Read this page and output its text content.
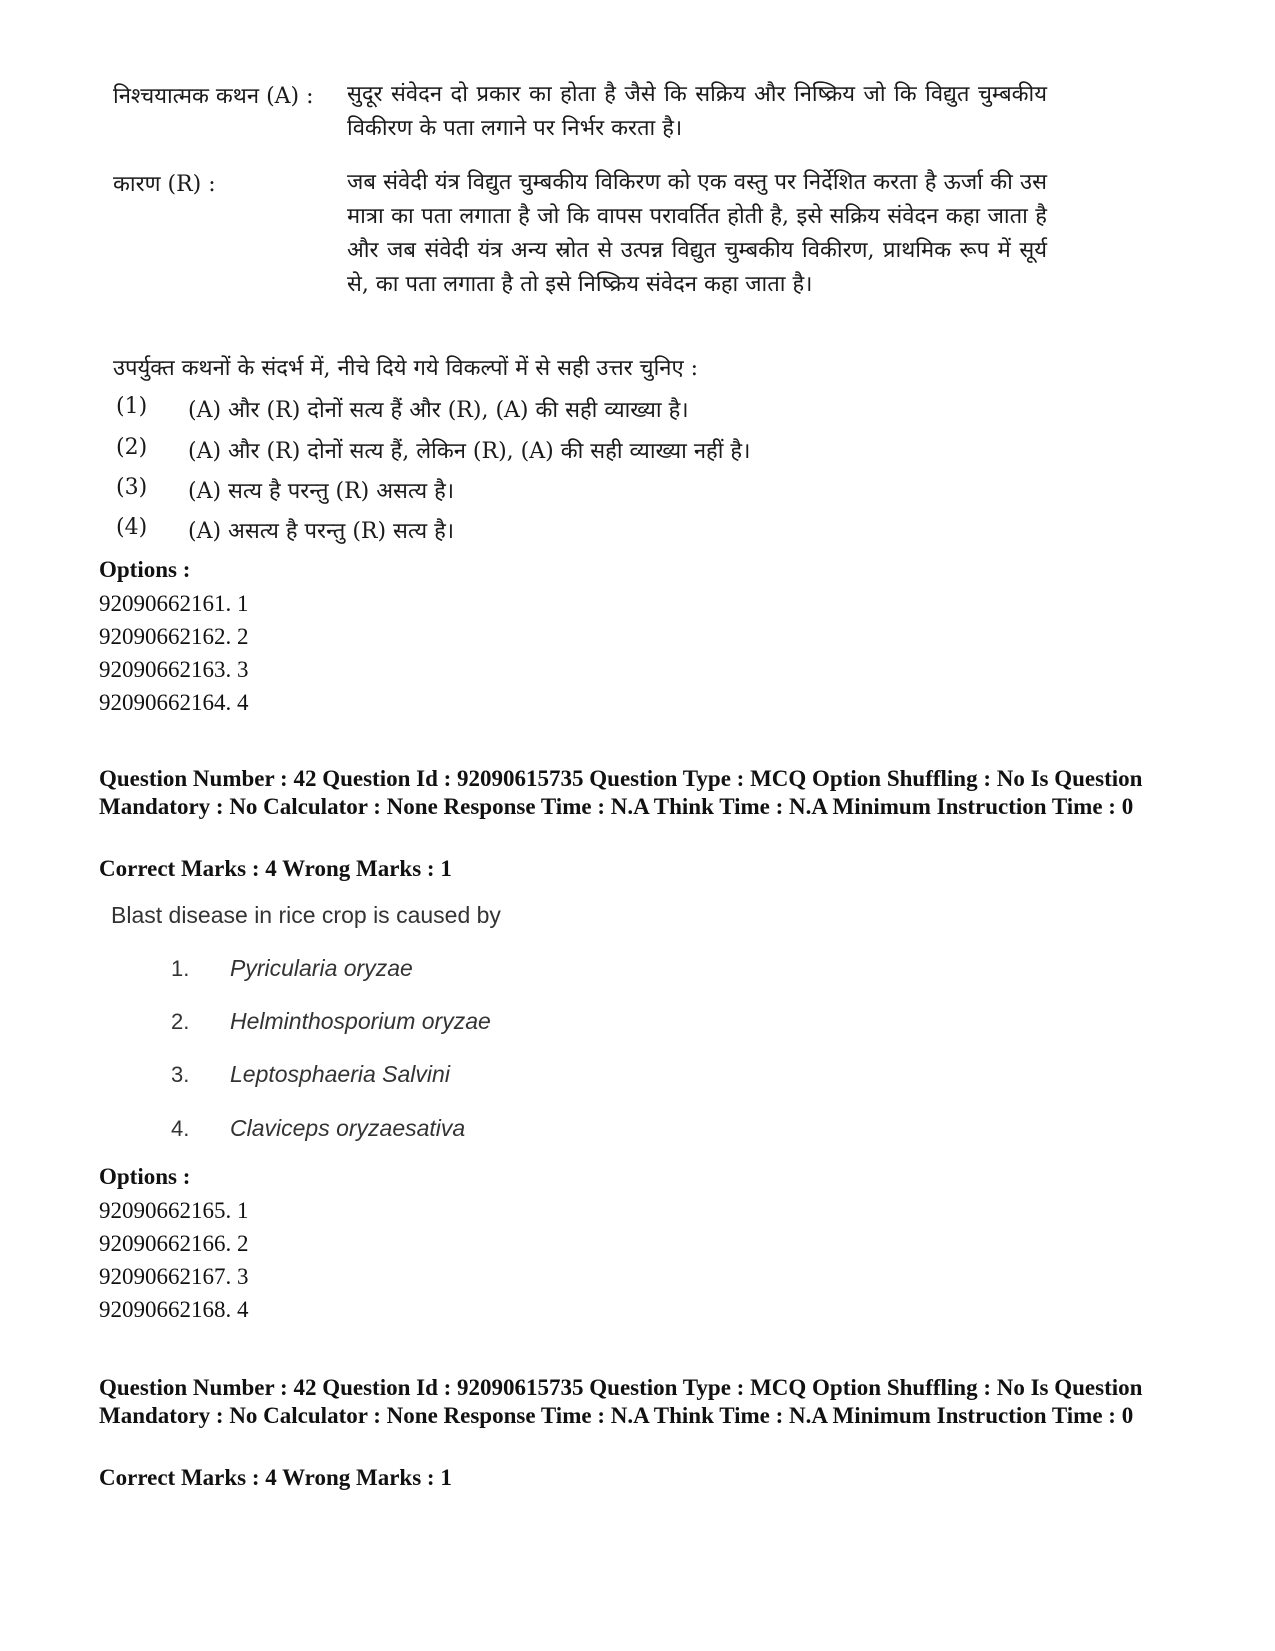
निश्चयात्मक कथन (A) : सुदूर संवेदन दो प्रकार का होता है जैसे कि सक्रिय और निष्क्रिय जो कि विद्युत चुम्बकीय विकीरण के पता लगाने पर निर्भर करता है।
कारण (R) :	जब संवेदी यंत्र विद्युत चुम्बकीय विकिरण को एक वस्तु पर निर्देशित करता है ऊर्जा की उस मात्रा का पता लगाता है जो कि वापस परावर्तित होती है, इसे सक्रिय संवेदन कहा जाता है और जब संवेदी यंत्र अन्य स्रोत से उत्पन्न विद्युत चुम्बकीय विकीरण, प्राथमिक रूप में सूर्य से, का पता लगाता है तो इसे निष्क्रिय संवेदन कहा जाता है।
उपर्युक्त कथनों के संदर्भ में, नीचे दिये गये विकल्पों में से सही उत्तर चुनिए :
(1) (A) और (R) दोनों सत्य हैं और (R), (A) की सही व्याख्या है।
(2) (A) और (R) दोनों सत्य हैं, लेकिन (R), (A) की सही व्याख्या नहीं है।
(3) (A) सत्य है परन्तु (R) असत्य है।
(4) (A) असत्य है परन्तु (R) सत्य है।
Options :
92090662161. 1
92090662162. 2
92090662163. 3
92090662164. 4
Question Number : 42 Question Id : 92090615735 Question Type : MCQ Option Shuffling : No Is Question Mandatory : No Calculator : None Response Time : N.A Think Time : N.A Minimum Instruction Time : 0
Correct Marks : 4 Wrong Marks : 1
Blast disease in rice crop is caused by
1. Pyricularia oryzae
2. Helminthosporium oryzae
3. Leptosphaeria Salvini
4. Claviceps oryzaesativa
Options :
92090662165. 1
92090662166. 2
92090662167. 3
92090662168. 4
Question Number : 42 Question Id : 92090615735 Question Type : MCQ Option Shuffling : No Is Question Mandatory : No Calculator : None Response Time : N.A Think Time : N.A Minimum Instruction Time : 0
Correct Marks : 4 Wrong Marks : 1
